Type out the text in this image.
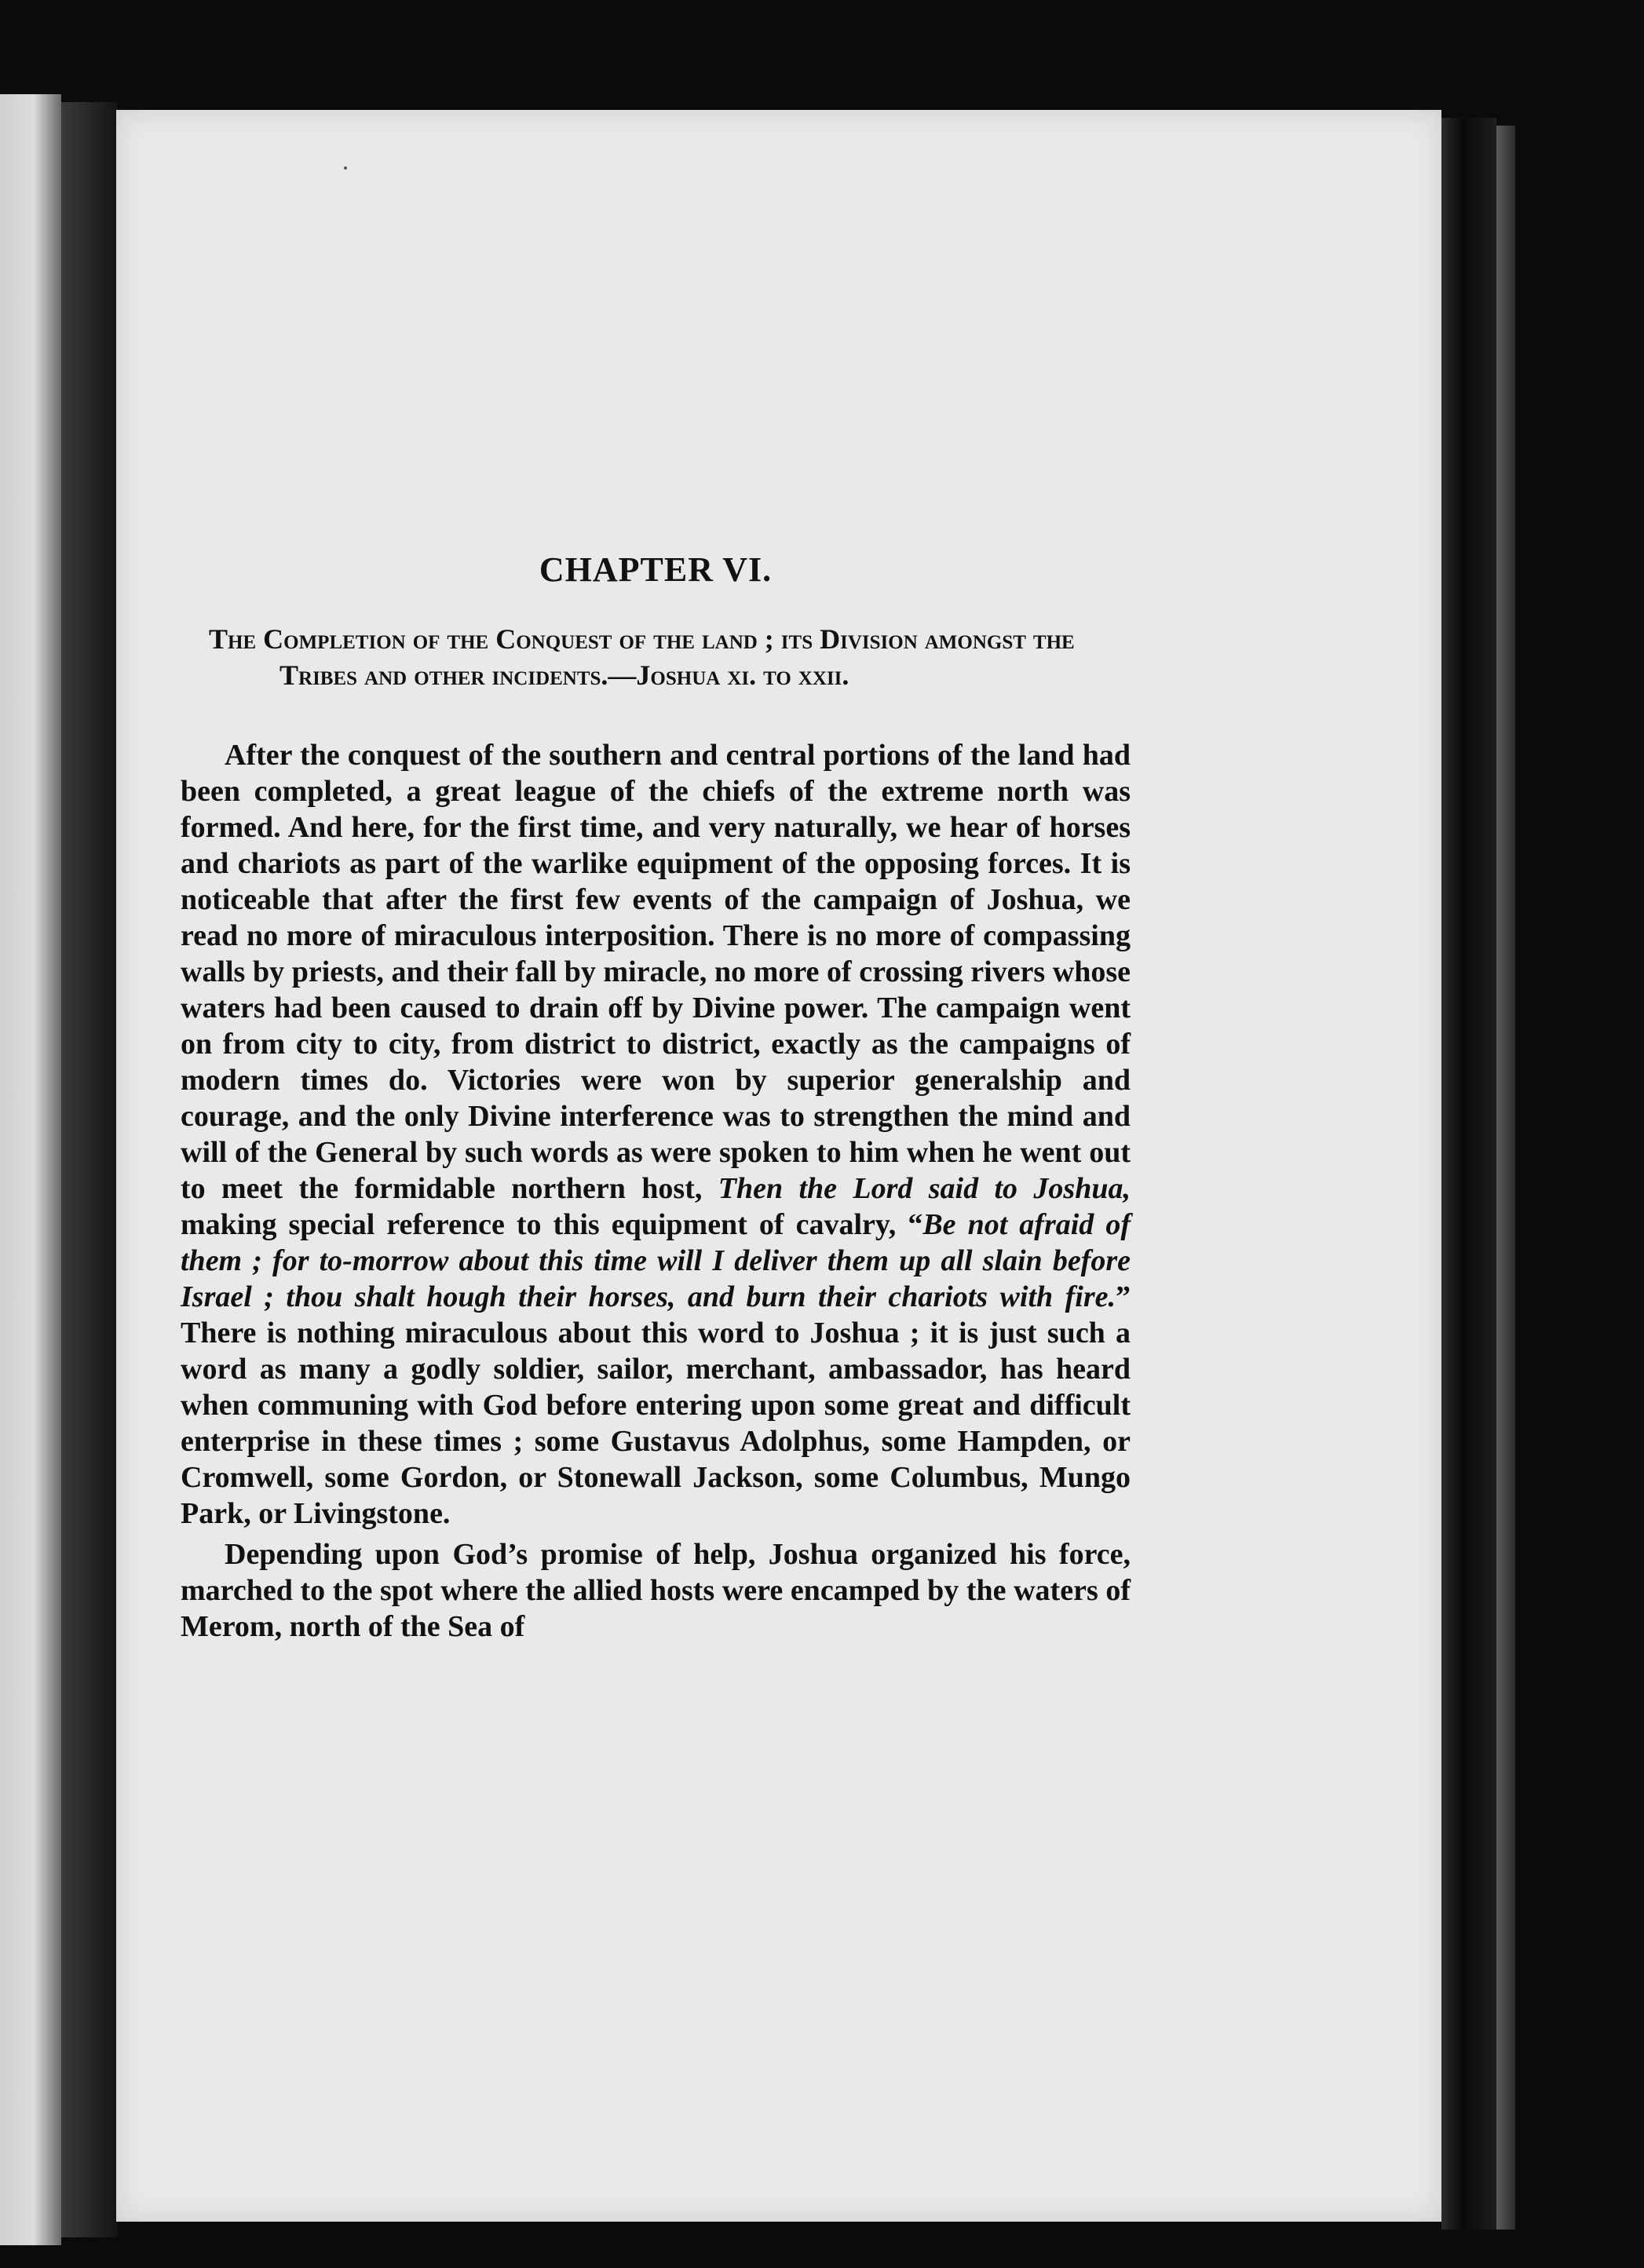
CHAPTER VI.
The Completion of the Conquest of the land ; its Division amongst the Tribes and other incidents.—Joshua xi. to xxii.

After the conquest of the southern and central portions of the land had been completed, a great league of the chiefs of the extreme north was formed. And here, for the first time, and very naturally, we hear of horses and chariots as part of the warlike equipment of the opposing forces. It is noticeable that after the first few events of the campaign of Joshua, we read no more of miraculous interposition. There is no more of compassing walls by priests, and their fall by miracle, no more of crossing rivers whose waters had been caused to drain off by Divine power. The campaign went on from city to city, from district to district, exactly as the campaigns of modern times do. Victories were won by superior generalship and courage, and the only Divine interference was to strengthen the mind and will of the General by such words as were spoken to him when he went out to meet the formidable northern host, Then the Lord said to Joshua, making special reference to this equipment of cavalry, “Be not afraid of them ; for to-morrow about this time will I deliver them up all slain before Israel ; thou shalt hough their horses, and burn their chariots with fire.” There is nothing miraculous about this word to Joshua ; it is just such a word as many a godly soldier, sailor, merchant, ambassador, has heard when communing with God before entering upon some great and difficult enterprise in these times ; some Gustavus Adolphus, some Hampden, or Cromwell, some Gordon, or Stonewall Jackson, some Columbus, Mungo Park, or Livingstone.

Depending upon God’s promise of help, Joshua organized his force, marched to the spot where the allied hosts were encamped by the waters of Merom, north of the Sea of
